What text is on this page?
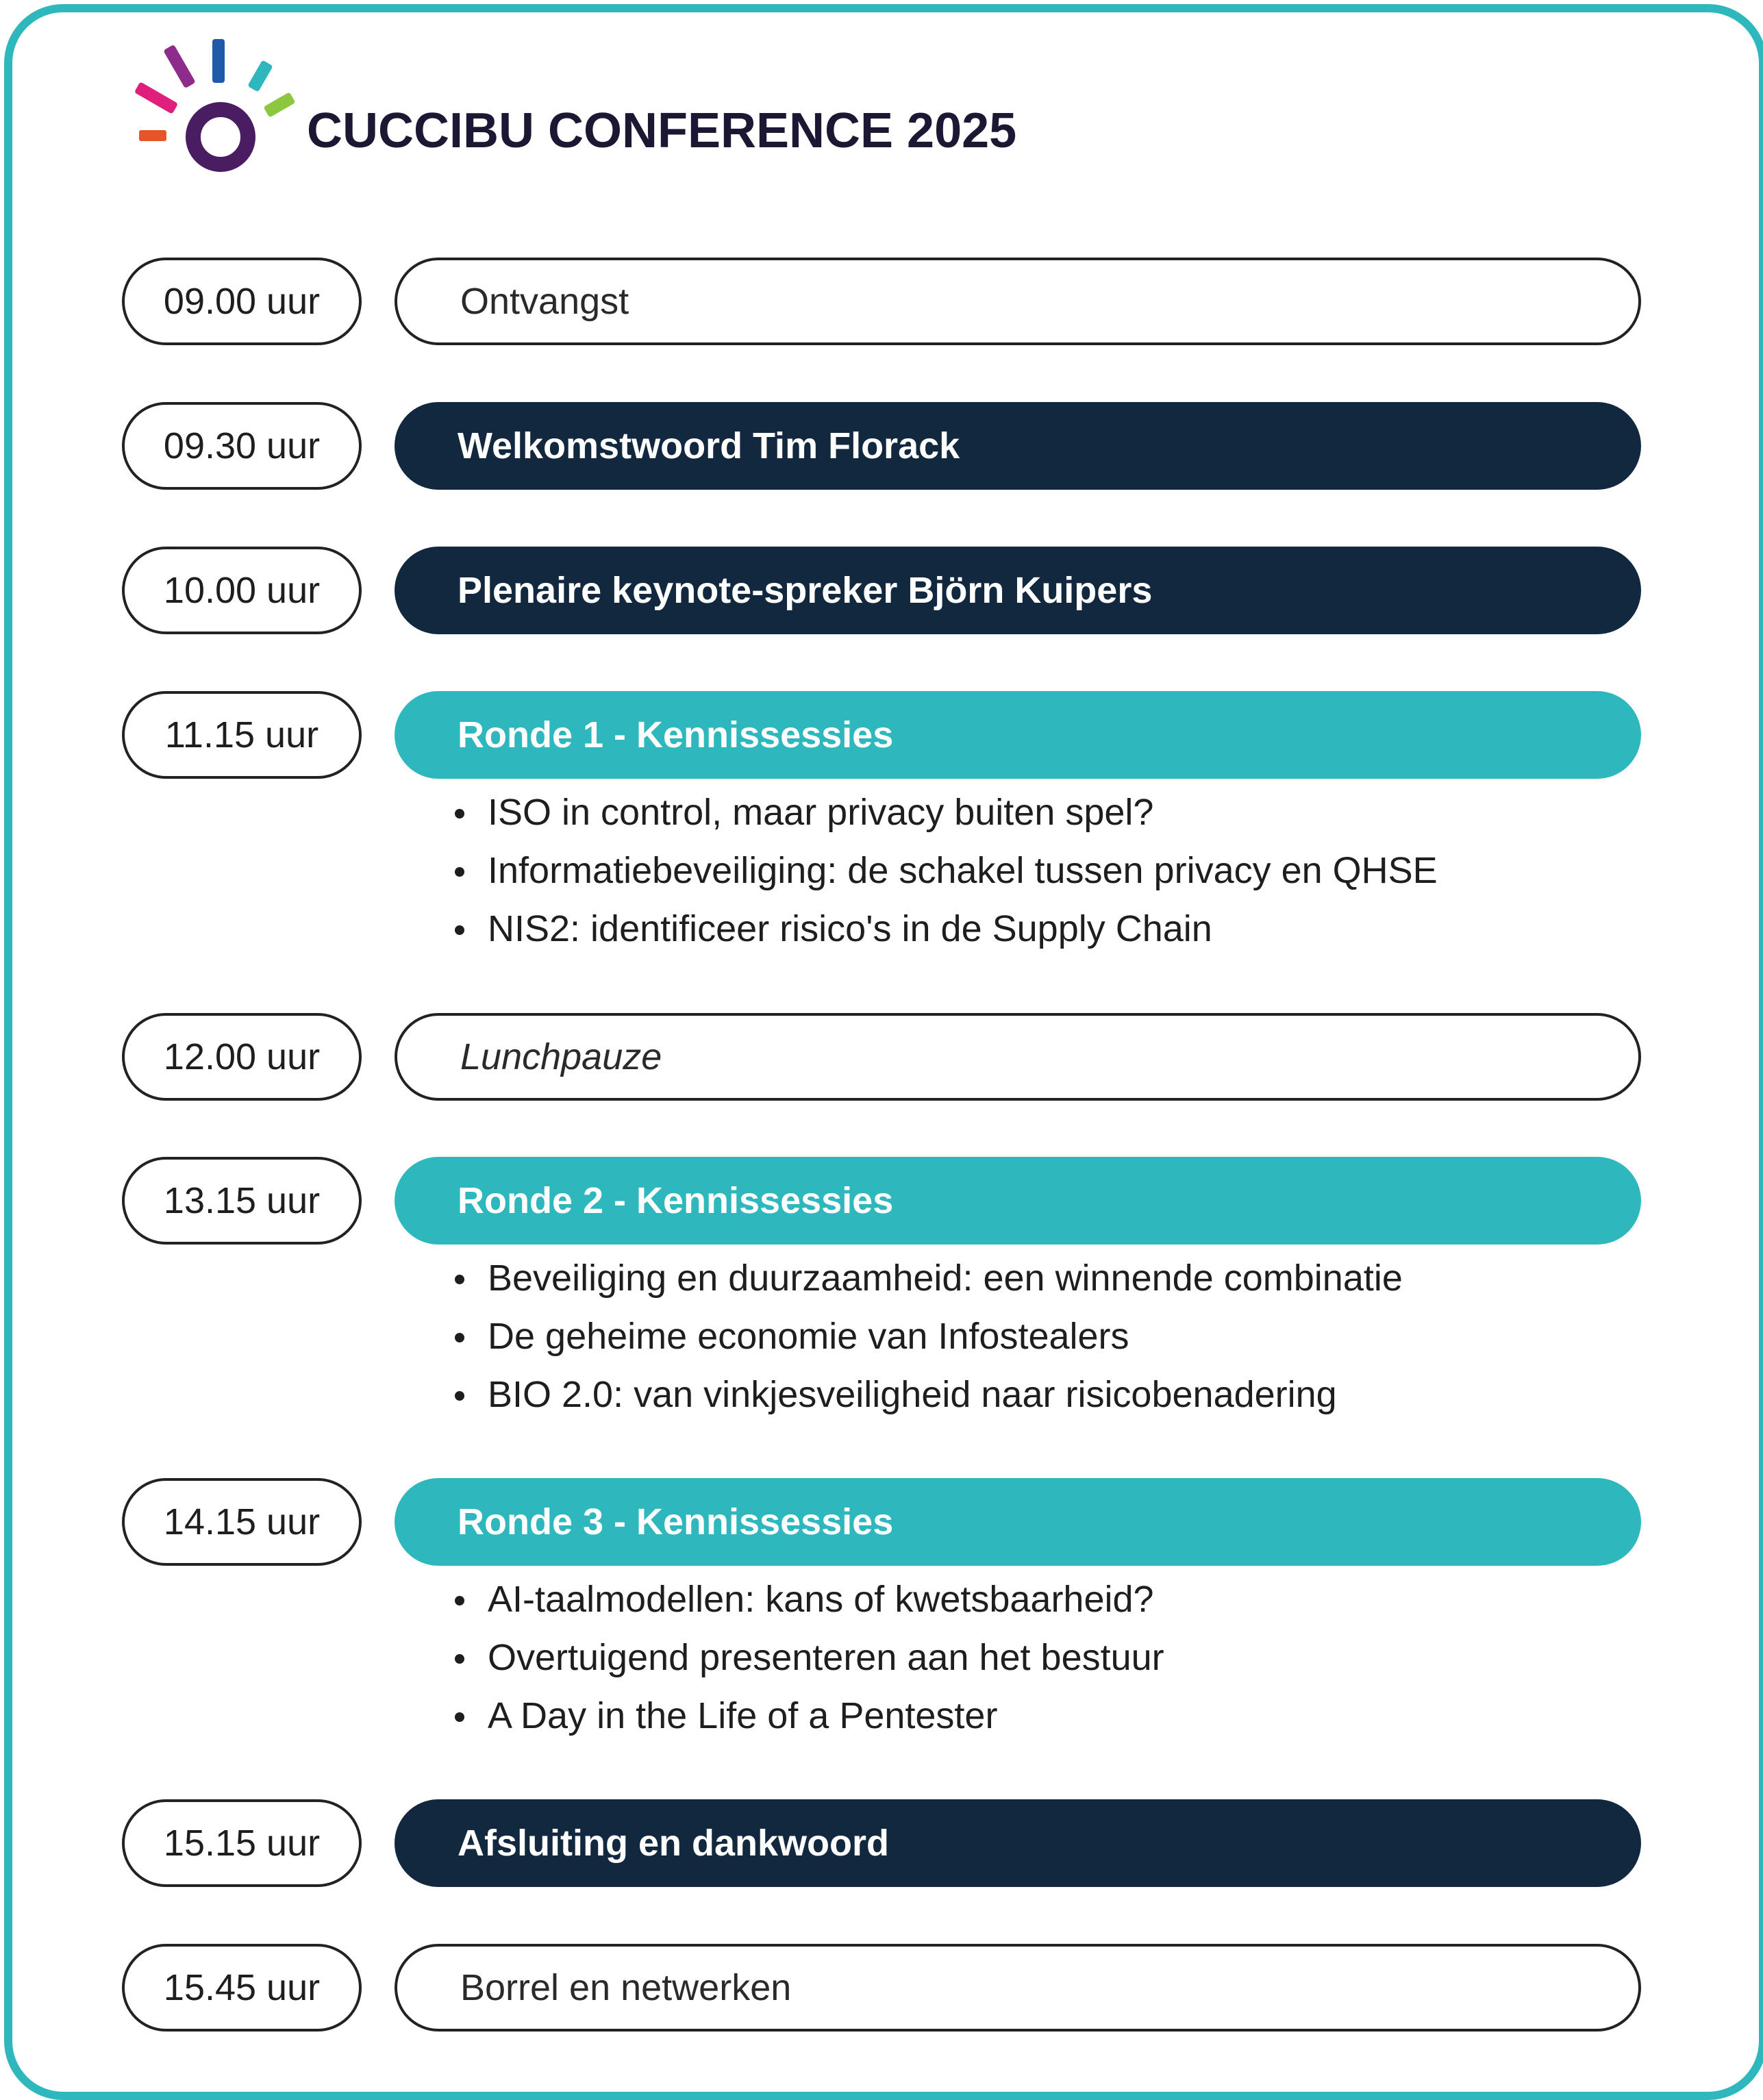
CUCCIBU CONFERENCE 2025
09.00 uur	Ontvangst
09.30 uur	Welkomstwoord Tim Florack
10.00 uur	Plenaire keynote-spreker Björn Kuipers
11.15 uur	Ronde 1 - Kennissessies
ISO in control, maar privacy buiten spel?
Informatiebeveiliging: de schakel tussen privacy en QHSE
NIS2: identificeer risico's in de Supply Chain
12.00 uur	Lunchpauze
13.15 uur	Ronde 2 - Kennissessies
Beveiliging en duurzaamheid: een winnende combinatie
De geheime economie van Infostealers
BIO 2.0: van vinkjesveiligheid naar risicobenadering
14.15 uur	Ronde 3 - Kennissessies
AI-taalmodellen: kans of kwetsbaarheid?
Overtuigend presenteren aan het bestuur
A Day in the Life of a Pentester
15.15 uur	Afsluiting en dankwoord
15.45 uur	Borrel en netwerken
